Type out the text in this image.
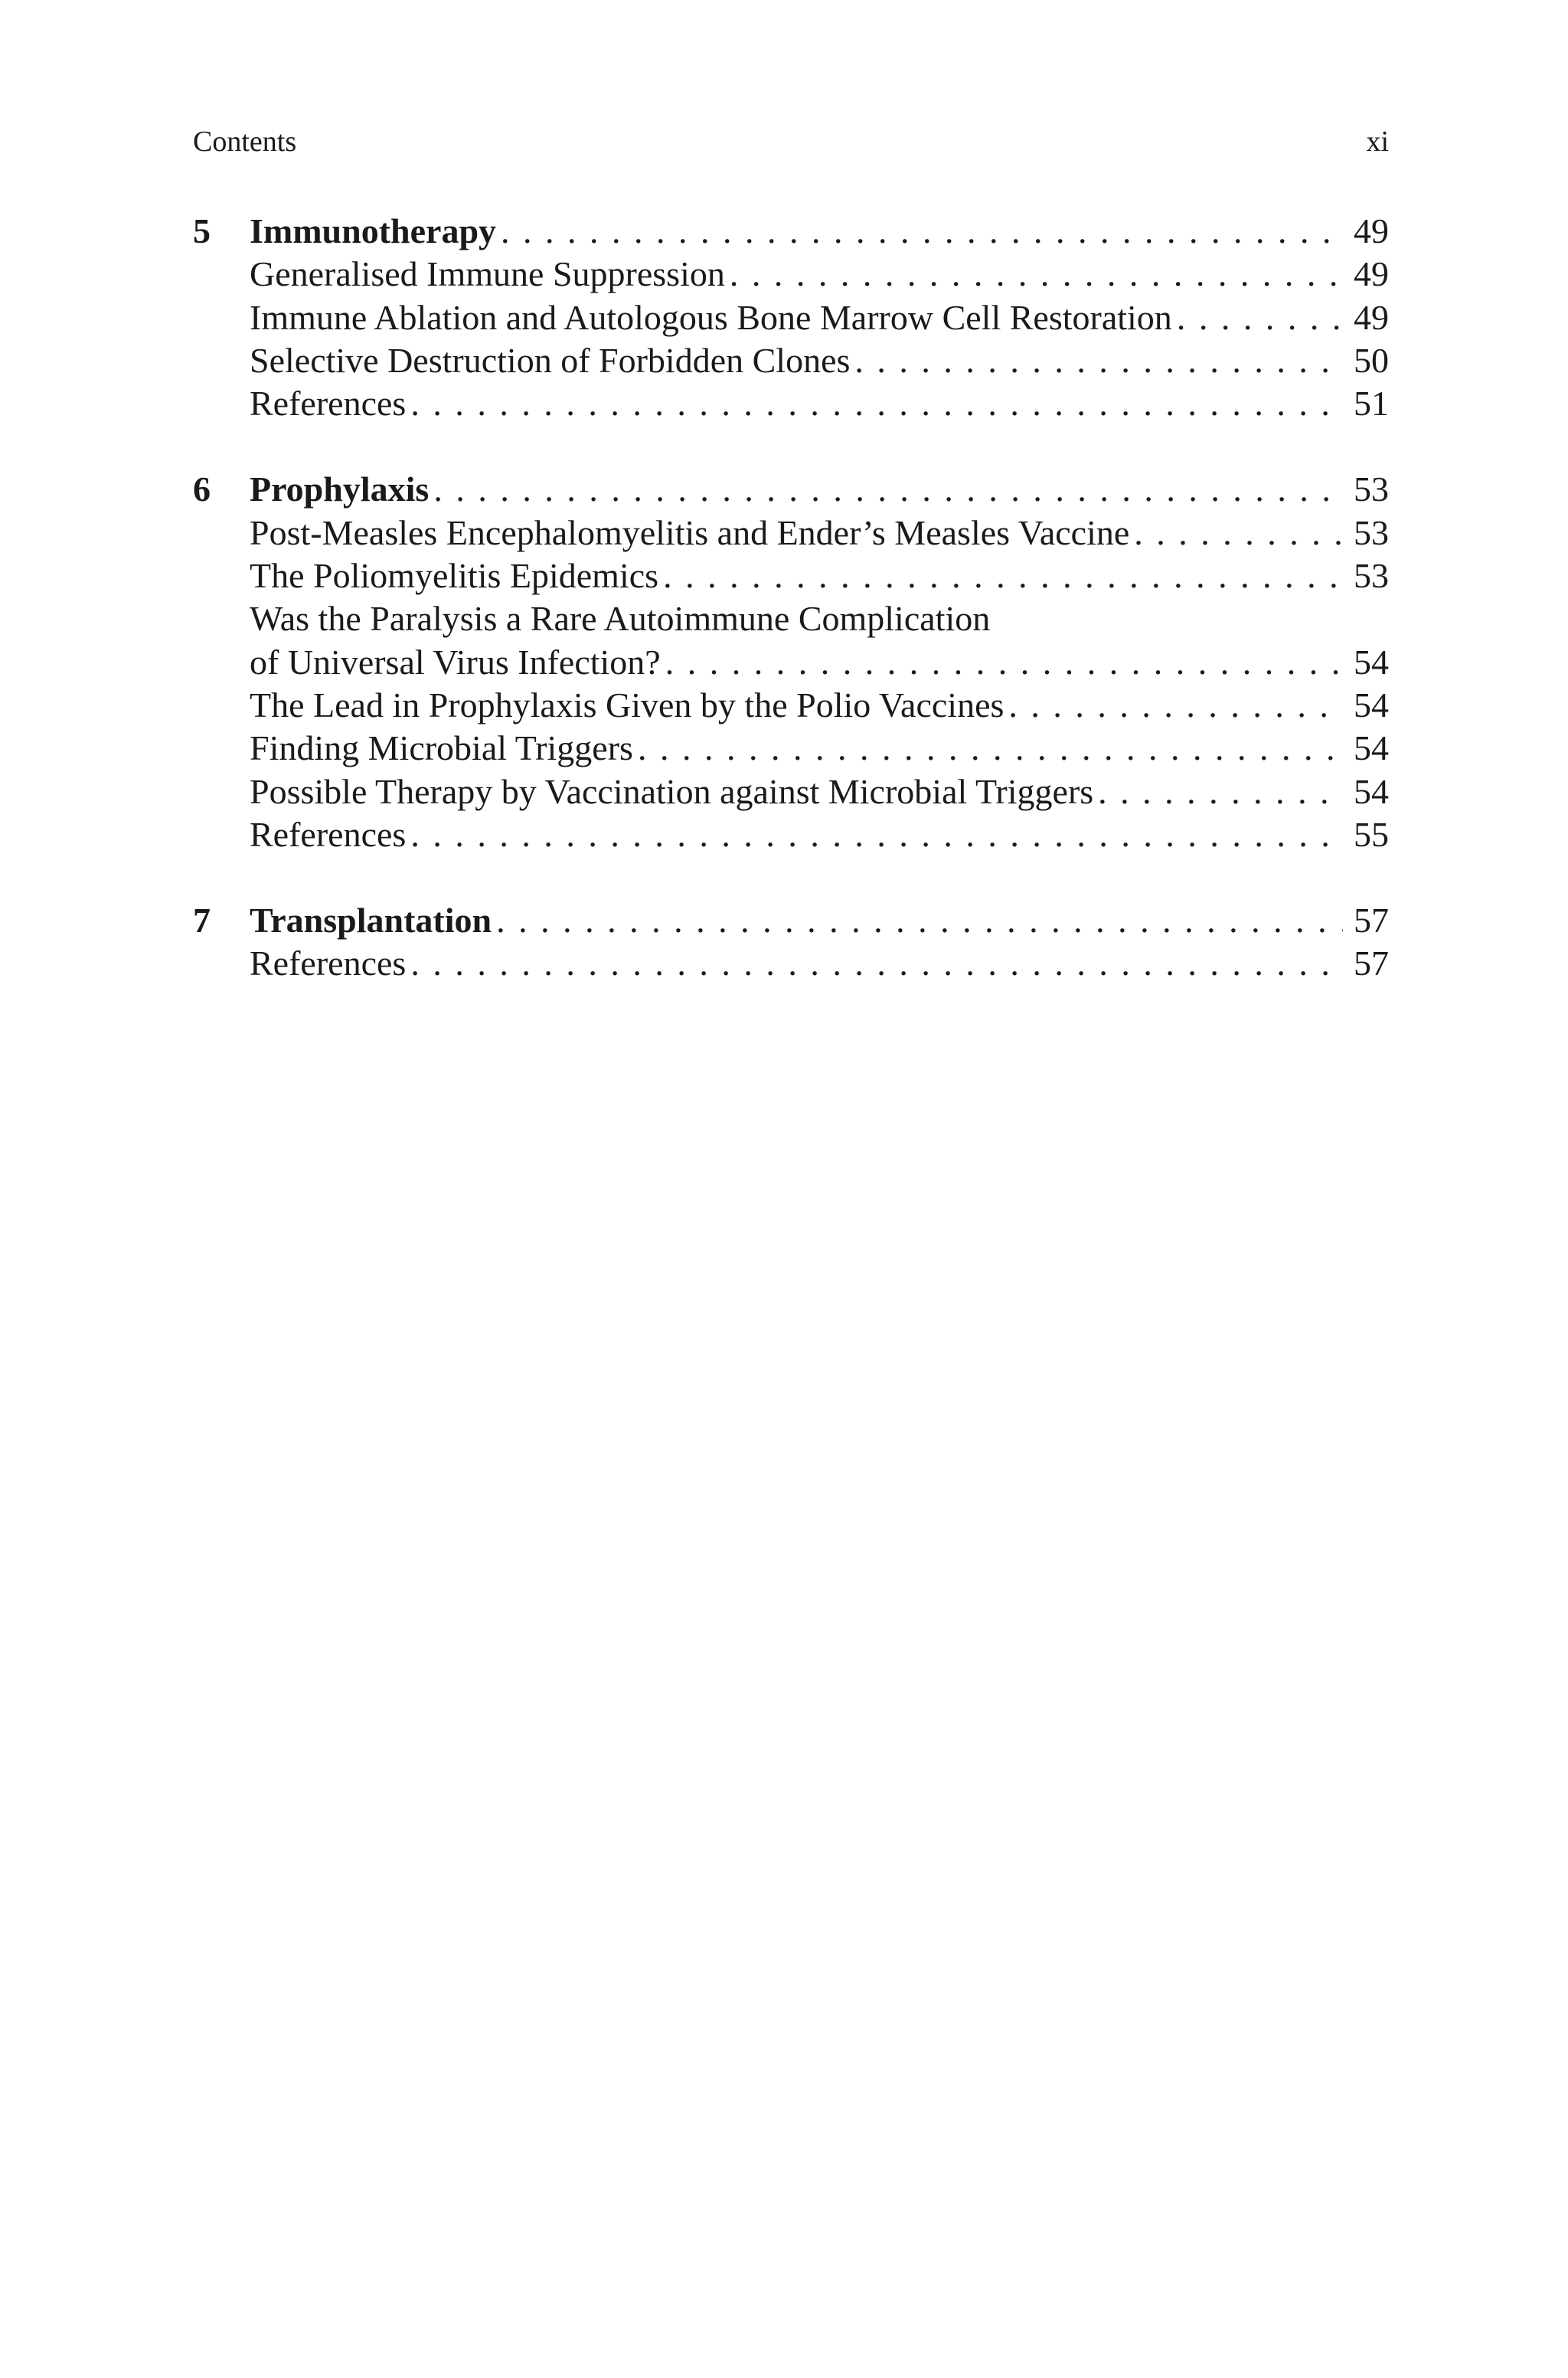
Contents	xi
5	Immunotherapy . . .	49
Generalised Immune Suppression . . .	49
Immune Ablation and Autologous Bone Marrow Cell Restoration . . .	49
Selective Destruction of Forbidden Clones . . .	50
References . . .	51
6	Prophylaxis . . .	53
Post-Measles Encephalomyelitis and Ender’s Measles Vaccine . . .	53
The Poliomyelitis Epidemics . . .	53
Was the Paralysis a Rare Autoimmune Complication
of Universal Virus Infection? . . .	54
The Lead in Prophylaxis Given by the Polio Vaccines . . .	54
Finding Microbial Triggers . . .	54
Possible Therapy by Vaccination against Microbial Triggers . . .	54
References . . .	55
7	Transplantation . . .	57
References . . .	57
